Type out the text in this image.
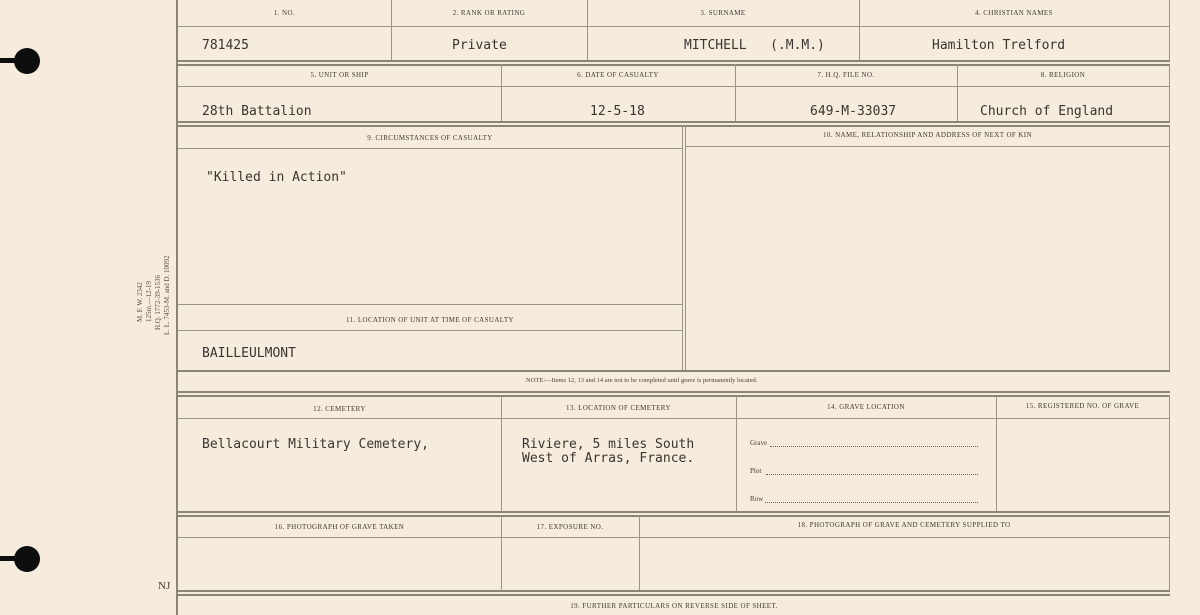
M. F. W. 2342 125m.—12-19 H.Q. 1772-39-1536 L. L. 7453-M. and D. 10092
NJ
1. NO.	2. RANK OR RATING	3. SURNAME	4. CHRISTIAN NAMES
781425	Private	MITCHELL   (.M.M.)	Hamilton Trelford
5. UNIT OR SHIP	6. DATE OF CASUALTY	7. H.Q. FILE NO.	8. RELIGION
28th Battalion	12-5-18	649-M-33037	Church of England
9. CIRCUMSTANCES OF CASUALTY	10. NAME, RELATIONSHIP AND ADDRESS OF NEXT OF KIN
"Killed in Action"
11. LOCATION OF UNIT AT TIME OF CASUALTY
BAILLEULMONT
NOTE:—Items 12, 13 and 14 are not to be completed until grave is permanently located.
12. CEMETERY	13. LOCATION OF CEMETERY	14. GRAVE LOCATION	15. REGISTERED NO. OF GRAVE
Bellacourt Military Cemetery,	Riviere, 5 miles South
West of Arras, France.
Grave
Plot
Row
16. PHOTOGRAPH OF GRAVE TAKEN	17. EXPOSURE NO.	18. PHOTOGRAPH OF GRAVE AND CEMETERY SUPPLIED TO
19. FURTHER PARTICULARS ON REVERSE SIDE OF SHEET.
